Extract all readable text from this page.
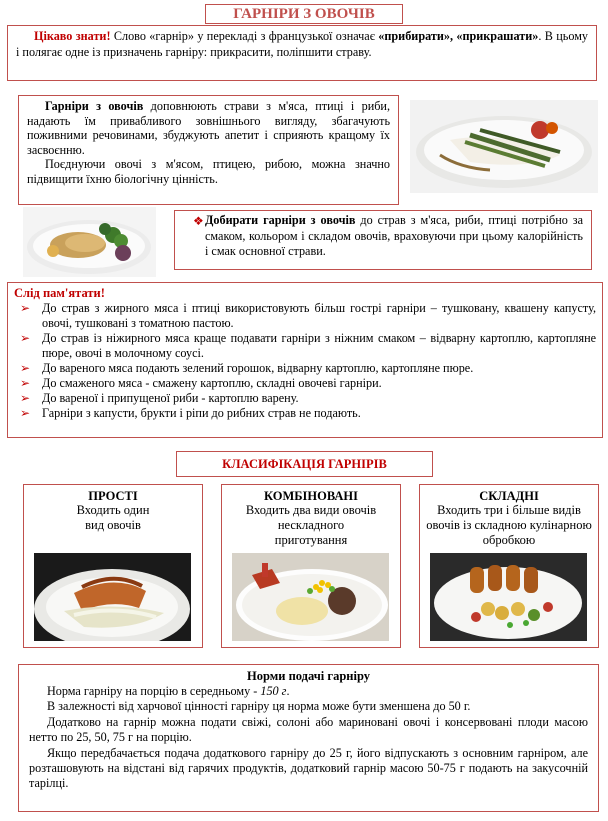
ГАРНІРИ З ОВОЧІВ

Цікаво знати! Слово «гарнір» у перекладі з французької означає «прибирати», «прикрашати». В цьому і полягає одне із призначень гарніру: прикрасити, поліпшити страву.

Гарніри з овочів доповнюють страви з м'яса, птиці і риби, надають їм привабливого зовнішнього вигляду, збагачують поживними речовинами, збуджують апетит і сприяють кращому їх засвоєнню.

Поєднуючи овочі з м'ясом, птицею, рибою, можна значно підвищити їхню біологічну цінність.

❖ Добирати гарніри з овочів до страв з м'яса, риби, птиці потрібно за смаком, кольором і складом овочів, враховуючи при цьому калорійність і смак основної страви.

Слід пам'ятати!
➢ До страв з жирного мяса і птиці використовують більш гострі гарніри – тушковану, квашену капусту, овочі, тушковані з томатною пастою.
➢ До страв із ніжирного мяса краще подавати гарніри з ніжним смаком – відварну картоплю, картопляне пюре, овочі в молочному соусі.
➢ До вареного мяса подають зелений горошок, відварну картоплю, картопляне пюре.
➢ До смаженого мяса - смажену картоплю, складні овочеві гарніри.
➢ До вареної і припущеної риби - картоплю варену.
➢ Гарніри з капусти, брукти і ріпи до рибних страв не подають.
КЛАСИФІКАЦІЯ ГАРНІРІВ
ПРОСТІ
Входить один вид овочів
КОМБІНОВАНІ
Входить два види овочів нескладного приготування
СКЛАДНІ
Входить три і більше видів овочів із складною кулінарною обробкою
Норми подачі гарніру

Норма гарніру на порцію в середньому - 150 г.

В залежності від харчової цінності гарніру ця норма може бути зменшена до 50 г.

Додатково на гарнір можна подати свіжі, солоні або мариновані овочі і консервовані плоди масою нетто по 25, 50, 75 г на порцію.

Якщо передбачається подача додаткового гарніру до 25 г, його відпускають з основним гарніром, але розташовують на відстані від гарячих продуктів, додатковий гарнір масою 50-75 г подають на закусочній тарілці.
